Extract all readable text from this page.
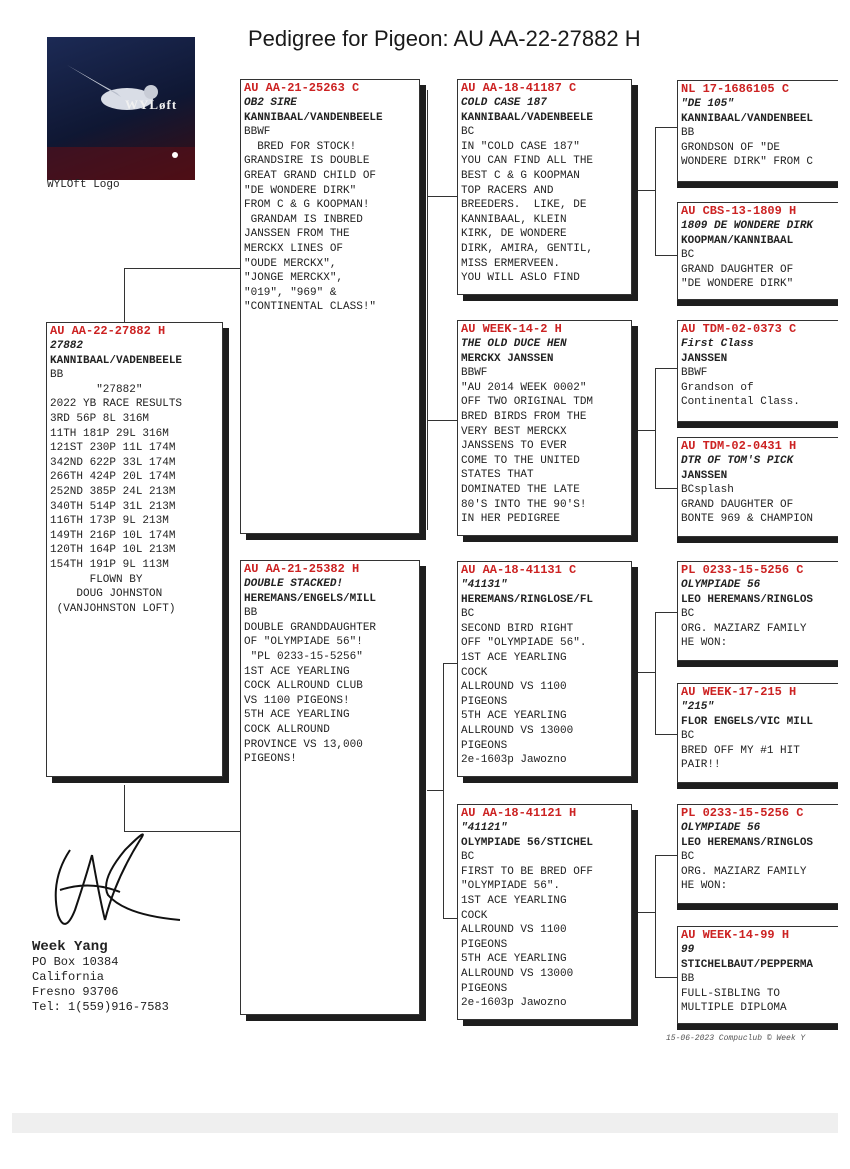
Pedigree for Pigeon: AU AA-22-27882 H
WYLøft
WYLOft Logo
AU AA-22-27882 H
27882
KANNIBAAL/VADENBEELE
BB
"27882"
2022 YB RACE RESULTS
3RD 56P 8L 316M
11TH 181P 29L 316M
121ST 230P 11L 174M
342ND 622P 33L 174M
266TH 424P 20L 174M
252ND 385P 24L 213M
340TH 514P 31L 213M
116TH 173P 9L 213M
149TH 216P 10L 174M
120TH 164P 10L 213M
154TH 191P 9L 113M
FLOWN BY
DOUG JOHNSTON
(VANJOHNSTON LOFT)
AU AA-21-25263 C
OB2 SIRE
KANNIBAAL/VANDENBEELE
BBWF
BRED FOR STOCK!
GRANDSIRE IS DOUBLE
GREAT GRAND CHILD OF
"DE WONDERE DIRK"
FROM C & G KOOPMAN!
GRANDAM IS INBRED
JANSSEN FROM THE
MERCKX LINES OF
"OUDE MERCKX",
"JONGE MERCKX",
"019", "969" &
"CONTINENTAL CLASS!"
AU AA-21-25382 H
DOUBLE STACKED!
HEREMANS/ENGELS/MILL
BB
DOUBLE GRANDDAUGHTER
OF "OLYMPIADE 56"!
"PL 0233-15-5256"
1ST ACE YEARLING
COCK ALLROUND CLUB
VS 1100 PIGEONS!
5TH ACE YEARLING
COCK ALLROUND
PROVINCE VS 13,000
PIGEONS!
AU AA-18-41187 C
COLD CASE 187
KANNIBAAL/VADENBEELE
BC
IN "COLD CASE 187"
YOU CAN FIND ALL THE
BEST C & G KOOPMAN
TOP RACERS AND
BREEDERS.  LIKE, DE
KANNIBAAL, KLEIN
KIRK, DE WONDERE
DIRK, AMIRA, GENTIL,
MISS ERMERVEEN.
YOU WILL ASLO FIND
AU WEEK-14-2 H
THE OLD DUCE HEN
MERCKX JANSSEN
BBWF
"AU 2014 WEEK 0002"
OFF TWO ORIGINAL TDM
BRED BIRDS FROM THE
VERY BEST MERCKX
JANSSENS TO EVER
COME TO THE UNITED
STATES THAT
DOMINATED THE LATE
80'S INTO THE 90'S!
IN HER PEDIGREE
AU AA-18-41131 C
"41131"
HEREMANS/RINGLOSE/FL
BC
SECOND BIRD RIGHT
OFF "OLYMPIADE 56".
1ST ACE YEARLING
COCK
ALLROUND VS 1100
PIGEONS
5TH ACE YEARLING
ALLROUND VS 13000
PIGEONS
2e-1603p Jawozno
AU AA-18-41121 H
"41121"
OLYMPIADE 56/STICHEL
BC
FIRST TO BE BRED OFF
"OLYMPIADE 56".
1ST ACE YEARLING
COCK
ALLROUND VS 1100
PIGEONS
5TH ACE YEARLING
ALLROUND VS 13000
PIGEONS
2e-1603p Jawozno
NL 17-1686105 C
"DE 105"
KANNIBAAL/VANDENBEEL
BB
GRONDSON OF "DE
WONDERE DIRK" FROM C
AU CBS-13-1809 H
1809 DE WONDERE DIRK
KOOPMAN/KANNIBAAL
BC
GRAND DAUGHTER OF
"DE WONDERE DIRK"
AU TDM-02-0373 C
First Class
JANSSEN
BBWF
Grandson of
Continental Class.
AU TDM-02-0431 H
DTR OF TOM'S PICK
JANSSEN
BCsplash
GRAND DAUGHTER OF
BONTE 969 & CHAMPION
PL 0233-15-5256 C
OLYMPIADE 56
LEO HEREMANS/RINGLOS
BC
ORG. MAZIARZ FAMILY
HE WON:
AU WEEK-17-215 H
"215"
FLOR ENGELS/VIC MILL
BC
BRED OFF MY #1 HIT
PAIR!!
PL 0233-15-5256 C
OLYMPIADE 56
LEO HEREMANS/RINGLOS
BC
ORG. MAZIARZ FAMILY
HE WON:
AU WEEK-14-99 H
99
STICHELBAUT/PEPPERMA
BB
FULL-SIBLING TO
MULTIPLE DIPLOMA
Week Yang
PO Box 10384
California
Fresno 93706
Tel: 1(559)916-7583
15-06-2023 Compuclub © Week Y
